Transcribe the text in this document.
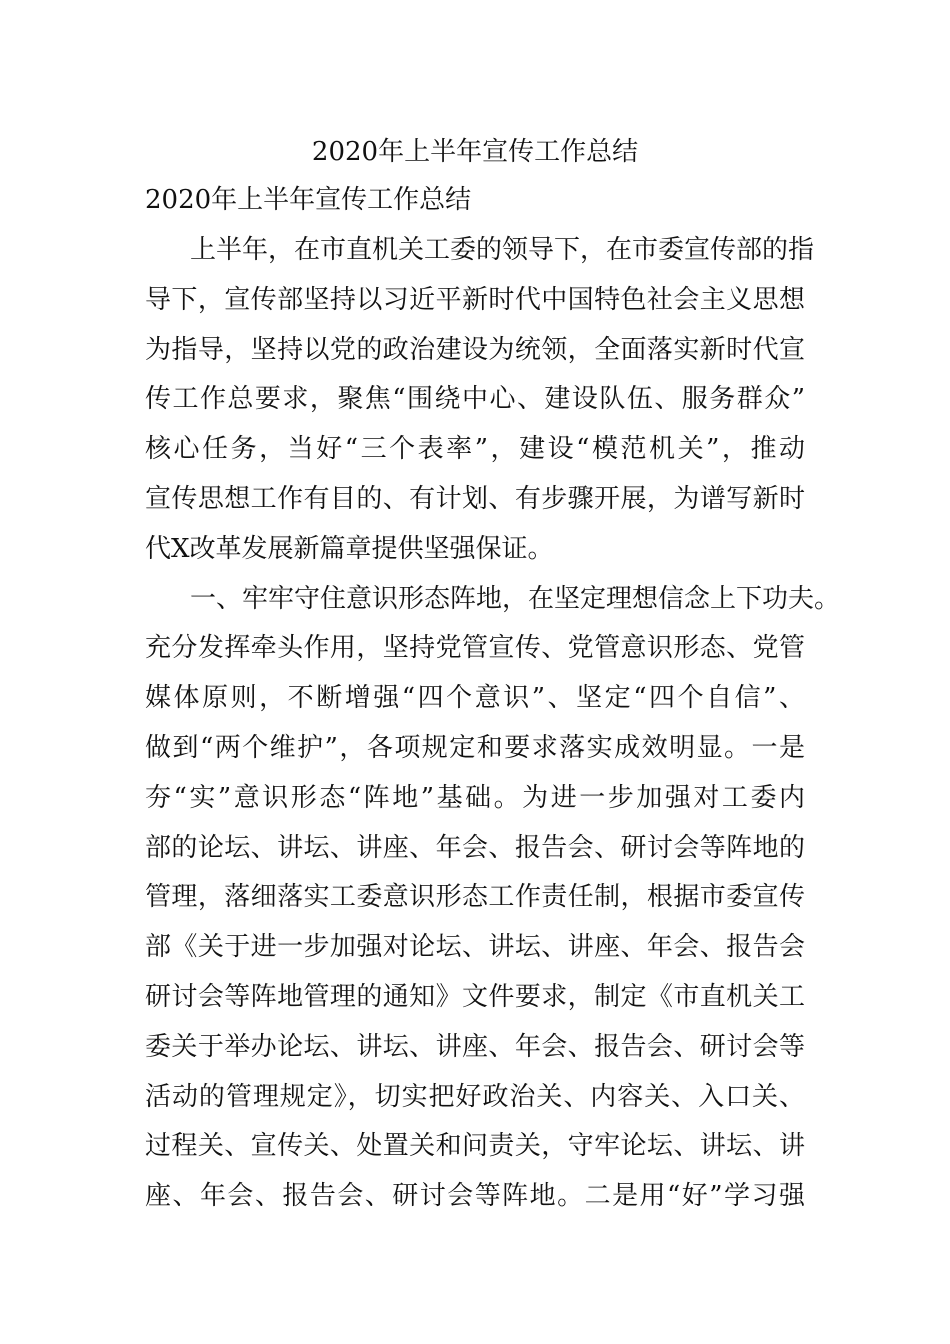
2020年上半年宣传工作总结
2020年上半年宣传工作总结
上半年，在市直机关工委的领导下，在市委宣传部的指
导下，宣传部坚持以习近平新时代中国特色社会主义思想
为指导，坚持以党的政治建设为统领，全面落实新时代宣
传工作总要求，聚焦“围绕中心、建设队伍、服务群众”
核心任务，当好“三个表率”，建设“模范机关”，推动
宣传思想工作有目的、有计划、有步骤开展，为谱写新时
代X改革发展新篇章提供坚强保证。
一、牢牢守住意识形态阵地，在坚定理想信念上下功夫。
充分发挥牵头作用，坚持党管宣传、党管意识形态、党管
媒体原则，不断增强“四个意识”、坚定“四个自信”、
做到“两个维护”，各项规定和要求落实成效明显。一是
夯“实”意识形态“阵地”基础。为进一步加强对工委内
部的论坛、讲坛、讲座、年会、报告会、研讨会等阵地的
管理，落细落实工委意识形态工作责任制，根据市委宣传
部《关于进一步加强对论坛、讲坛、讲座、年会、报告会
研讨会等阵地管理的通知》文件要求，制定《市直机关工
委关于举办论坛、讲坛、讲座、年会、报告会、研讨会等
活动的管理规定》，切实把好政治关、内容关、入口关、
过程关、宣传关、处置关和问责关，守牢论坛、讲坛、讲
座、年会、报告会、研讨会等阵地。二是用“好”学习强
